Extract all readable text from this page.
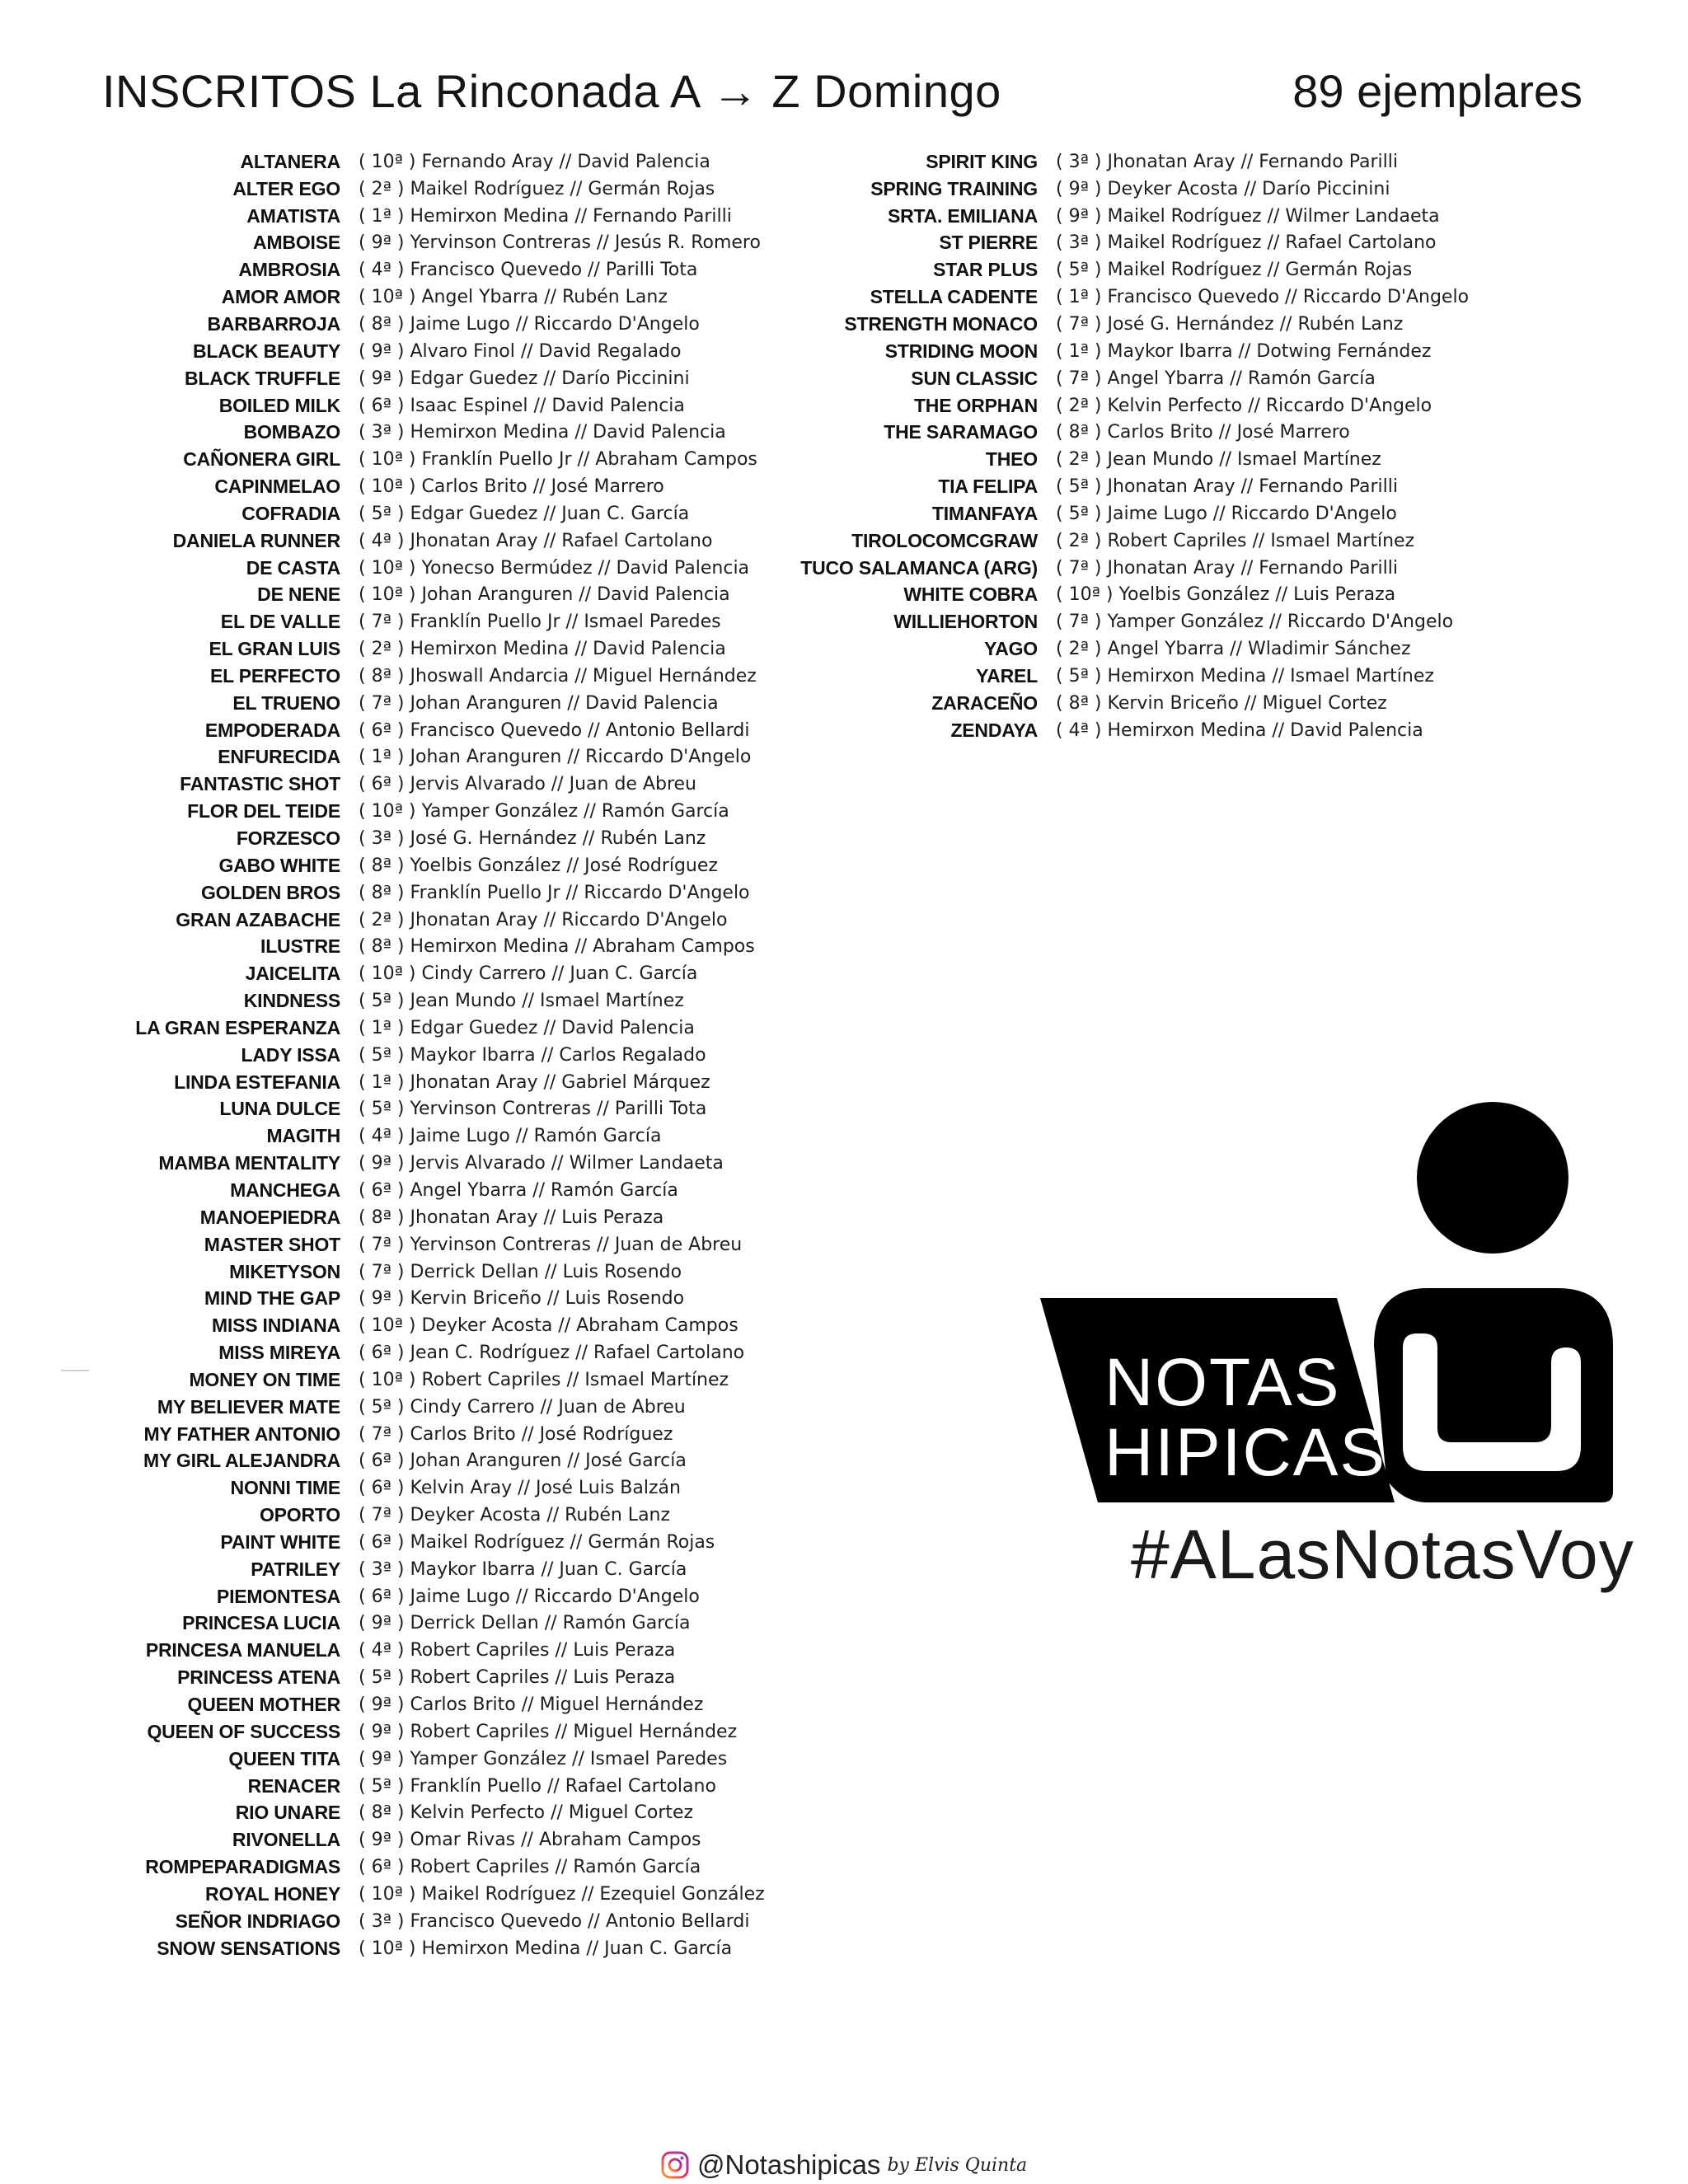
INSCRITOS La Rinconada A → Z Domingo	89 ejemplares
ALTANERA ( 10ª ) Fernando Aray // David Palencia
ALTER EGO ( 2ª ) Maikel Rodríguez // Germán Rojas
AMATISTA ( 1ª ) Hemirxon Medina // Fernando Parilli
AMBOISE ( 9ª ) Yervinson Contreras // Jesús R. Romero
AMBROSIA ( 4ª ) Francisco Quevedo // Parilli Tota
AMOR AMOR ( 10ª ) Angel Ybarra // Rubén Lanz
BARBARROJA ( 8ª ) Jaime Lugo // Riccardo D'Angelo
BLACK BEAUTY ( 9ª ) Alvaro Finol // David Regalado
BLACK TRUFFLE ( 9ª ) Edgar Guedez // Darío Piccinini
BOILED MILK ( 6ª ) Isaac Espinel // David Palencia
BOMBAZO ( 3ª ) Hemirxon Medina // David Palencia
CAÑONERA GIRL ( 10ª ) Franklín Puello Jr // Abraham Campos
CAPINMELAO ( 10ª ) Carlos Brito // José Marrero
COFRADIA ( 5ª ) Edgar Guedez // Juan C. García
DANIELA RUNNER ( 4ª ) Jhonatan Aray // Rafael Cartolano
DE CASTA ( 10ª ) Yonecso Bermúdez // David Palencia
DE NENE ( 10ª ) Johan Aranguren // David Palencia
EL DE VALLE ( 7ª ) Franklín Puello Jr // Ismael Paredes
EL GRAN LUIS ( 2ª ) Hemirxon Medina // David Palencia
EL PERFECTO ( 8ª ) Jhoswall Andarcia // Miguel Hernández
EL TRUENO ( 7ª ) Johan Aranguren // David Palencia
EMPODERADA ( 6ª ) Francisco Quevedo // Antonio Bellardi
ENFURECIDA ( 1ª ) Johan Aranguren // Riccardo D'Angelo
FANTASTIC SHOT ( 6ª ) Jervis Alvarado // Juan de Abreu
FLOR DEL TEIDE ( 10ª ) Yamper González // Ramón García
FORZESCO ( 3ª ) José G. Hernández // Rubén Lanz
GABO WHITE ( 8ª ) Yoelbis González // José Rodríguez
GOLDEN BROS ( 8ª ) Franklín Puello Jr // Riccardo D'Angelo
GRAN AZABACHE ( 2ª ) Jhonatan Aray // Riccardo D'Angelo
ILUSTRE ( 8ª ) Hemirxon Medina // Abraham Campos
JAICELITA ( 10ª ) Cindy Carrero // Juan C. García
KINDNESS ( 5ª ) Jean Mundo // Ismael Martínez
LA GRAN ESPERANZA ( 1ª ) Edgar Guedez // David Palencia
LADY ISSA ( 5ª ) Maykor Ibarra // Carlos Regalado
LINDA ESTEFANIA ( 1ª ) Jhonatan Aray // Gabriel Márquez
LUNA DULCE ( 5ª ) Yervinson Contreras // Parilli Tota
MAGITH ( 4ª ) Jaime Lugo // Ramón García
MAMBA MENTALITY ( 9ª ) Jervis Alvarado // Wilmer Landaeta
MANCHEGA ( 6ª ) Angel Ybarra // Ramón García
MANOEPIEDRA ( 8ª ) Jhonatan Aray // Luis Peraza
MASTER SHOT ( 7ª ) Yervinson Contreras // Juan de Abreu
MIKETYSON ( 7ª ) Derrick Dellan // Luis Rosendo
MIND THE GAP ( 9ª ) Kervin Briceño // Luis Rosendo
MISS INDIANA ( 10ª ) Deyker Acosta // Abraham Campos
MISS MIREYA ( 6ª ) Jean C. Rodríguez // Rafael Cartolano
MONEY ON TIME ( 10ª ) Robert Capriles // Ismael Martínez
MY BELIEVER MATE ( 5ª ) Cindy Carrero // Juan de Abreu
MY FATHER ANTONIO ( 7ª ) Carlos Brito // José Rodríguez
MY GIRL ALEJANDRA ( 6ª ) Johan Aranguren // José García
NONNI TIME ( 6ª ) Kelvin Aray // José Luis Balzán
OPORTO ( 7ª ) Deyker Acosta // Rubén Lanz
PAINT WHITE ( 6ª ) Maikel Rodríguez // Germán Rojas
PATRILEY ( 3ª ) Maykor Ibarra // Juan C. García
PIEMONTESA ( 6ª ) Jaime Lugo // Riccardo D'Angelo
PRINCESA LUCIA ( 9ª ) Derrick Dellan // Ramón García
PRINCESA MANUELA ( 4ª ) Robert Capriles // Luis Peraza
PRINCESS ATENA ( 5ª ) Robert Capriles // Luis Peraza
QUEEN MOTHER ( 9ª ) Carlos Brito // Miguel Hernández
QUEEN OF SUCCESS ( 9ª ) Robert Capriles // Miguel Hernández
QUEEN TITA ( 9ª ) Yamper González // Ismael Paredes
RENACER ( 5ª ) Franklín Puello // Rafael Cartolano
RIO UNARE ( 8ª ) Kelvin Perfecto // Miguel Cortez
RIVONELLA ( 9ª ) Omar Rivas // Abraham Campos
ROMPEPARADIGMAS ( 6ª ) Robert Capriles // Ramón García
ROYAL HONEY ( 10ª ) Maikel Rodríguez // Ezequiel González
SEÑOR INDRIAGO ( 3ª ) Francisco Quevedo // Antonio Bellardi
SNOW SENSATIONS ( 10ª ) Hemirxon Medina // Juan C. García
SPIRIT KING ( 3ª ) Jhonatan Aray // Fernando Parilli
SPRING TRAINING ( 9ª ) Deyker Acosta // Darío Piccinini
SRTA. EMILIANA ( 9ª ) Maikel Rodríguez // Wilmer Landaeta
ST PIERRE ( 3ª ) Maikel Rodríguez // Rafael Cartolano
STAR PLUS ( 5ª ) Maikel Rodríguez // Germán Rojas
STELLA CADENTE ( 1ª ) Francisco Quevedo // Riccardo D'Angelo
STRENGTH MONACO ( 7ª ) José G. Hernández // Rubén Lanz
STRIDING MOON ( 1ª ) Maykor Ibarra // Dotwing Fernández
SUN CLASSIC ( 7ª ) Angel Ybarra // Ramón García
THE ORPHAN ( 2ª ) Kelvin Perfecto // Riccardo D'Angelo
THE SARAMAGO ( 8ª ) Carlos Brito // José Marrero
THEO ( 2ª ) Jean Mundo // Ismael Martínez
TIA FELIPA ( 5ª ) Jhonatan Aray // Fernando Parilli
TIMANFAYA ( 5ª ) Jaime Lugo // Riccardo D'Angelo
TIROLOCOMCGRAW ( 2ª ) Robert Capriles // Ismael Martínez
TUCO SALAMANCA (ARG) ( 7ª ) Jhonatan Aray // Fernando Parilli
WHITE COBRA ( 10ª ) Yoelbis González // Luis Peraza
WILLIEHORTON ( 7ª ) Yamper González // Riccardo D'Angelo
YAGO ( 2ª ) Angel Ybarra // Wladimir Sánchez
YAREL ( 5ª ) Hemirxon Medina // Ismael Martínez
ZARACEÑO ( 8ª ) Kervin Briceño // Miguel Cortez
ZENDAYA ( 4ª ) Hemirxon Medina // David Palencia
NOTAS
HIPICAS
#ALasNotasVoy
@Notashipicas by Elvis Quinta
